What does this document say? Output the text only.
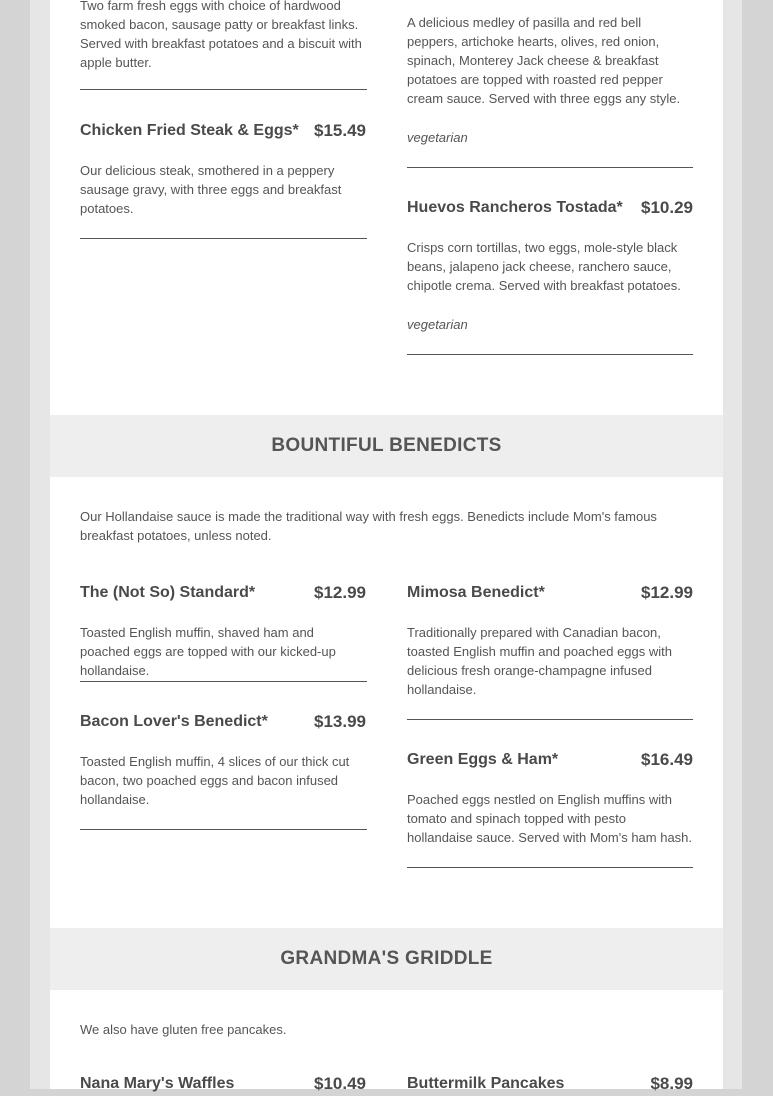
Two farm fresh eggs with choice of hardwood smoked bacon, sausage patty or breakfast links. Served with breakfast potatoes and a biscuit with apple butter.

Chicken Fried Steak & Eggs* $15.49

Our delicious steak, smothered in a peppery sausage gravy, with three eggs and breakfast potatoes.

A delicious medley of pasilla and red bell peppers, artichoke hearts, olives, red onion, spinach, Monterey Jack cheese & breakfast potatoes are topped with roasted red pepper cream sauce. Served with three eggs any style.

vegetarian
Huevos Rancheros Tostada* $10.29

Crisps corn tortillas, two eggs, mole-style black beans, jalapeno jack cheese, ranchero sauce, chipotle crema. Served with breakfast potatoes.

vegetarian
BOUNTIFUL BENEDICTS

Our Hollandaise sauce is made the traditional way with fresh eggs. Benedicts include Mom's famous breakfast potatoes, unless noted.

The (Not So) Standard*	$12.99

Toasted English muffin, shaved ham and poached eggs are topped with our kicked-up hollandaise.

Bacon Lover's Benedict*	$13.99

Toasted English muffin, 4 slices of our thick cut bacon, two poached eggs and bacon infused hollandaise.

Mimosa Benedict*	$12.99

Traditionally prepared with Canadian bacon, toasted English muffin and poached eggs with delicious fresh orange-champagne infused hollandaise.

Green Eggs & Ham*	$16.49

Poached eggs nestled on English muffins with tomato and spinach topped with pesto hollandaise sauce. Served with Mom's ham hash.

GRANDMA'S GRIDDLE

We also have gluten free pancakes.

Nana Mary's Waffles	$10.49	Buttermilk Pancakes	$8.99
